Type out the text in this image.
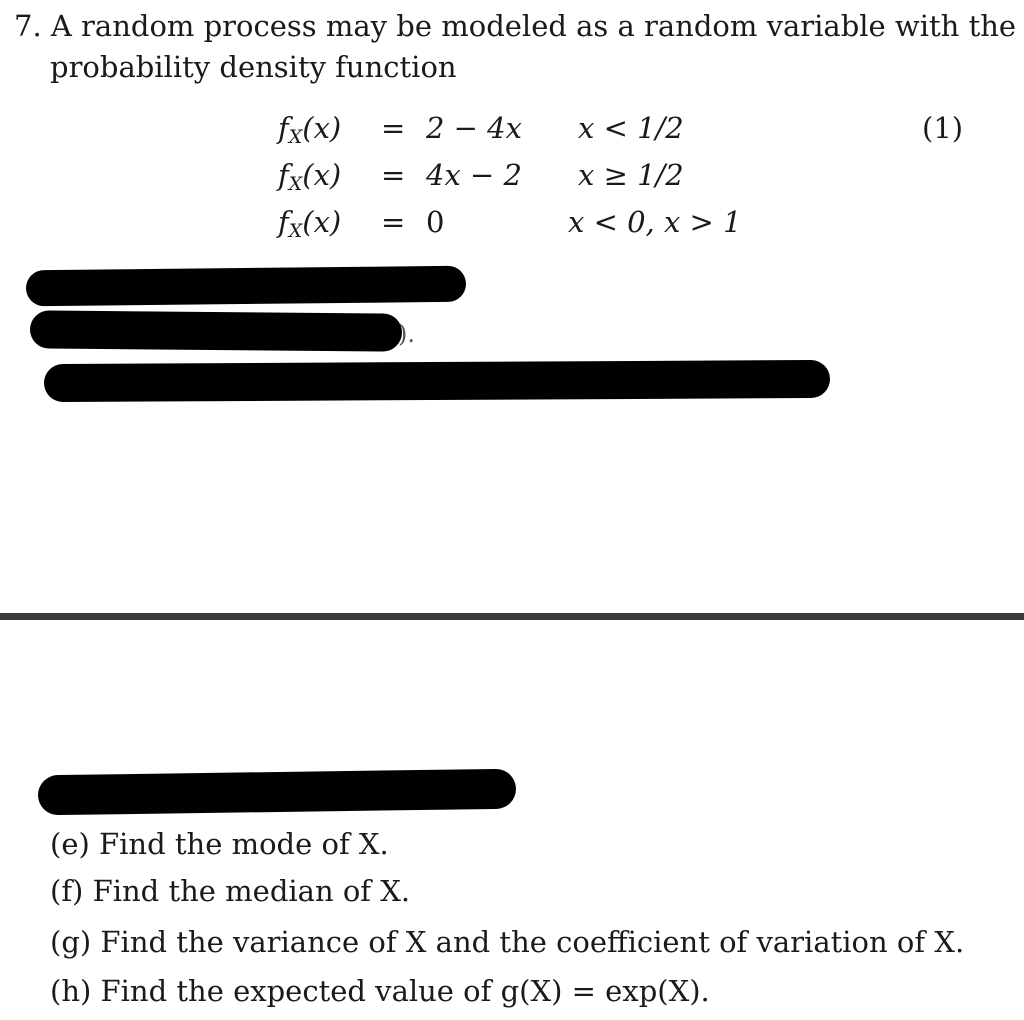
7. A random process may be modeled as a random variable with the
probability density function
$f_X(x) = 2 - 4x$ x < 1/2
$f_X(x) = 4x - 2$ x ≥ 1/2
$f_X(x) = 0$	x < 0, x > 1
(1)
).
(e) Find the mode of X.
(f) Find the median of X.
(g) Find the variance of X and the coefficient of variation of X.
(h) Find the expected value of g(X) = exp(X).
